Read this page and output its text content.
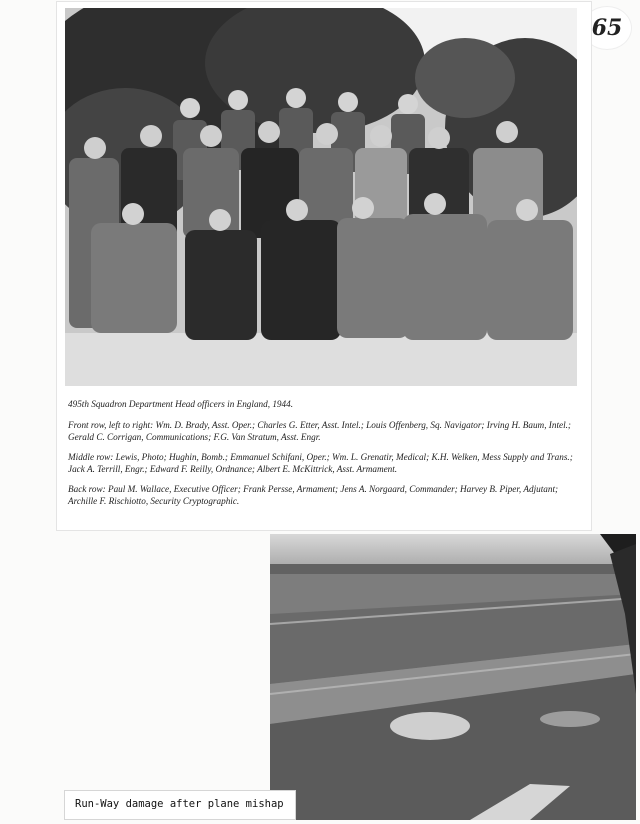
65

495th Squadron Department Head officers in England, 1944.

Front row, left to right: Wm. D. Brady, Asst. Oper.; Charles G. Etter, Asst. Intel.; Louis Offenberg, Sq. Navigator; Irving H. Baum, Intel.; Gerald C. Corrigan, Communications; F.G. Van Stratum, Asst. Engr.

Middle row: Lewis, Photo; Hughin, Bomb.; Emmanuel Schifani, Oper.; Wm. L. Grenatir, Medical; K.H. Welken, Mess Supply and Trans.; Jack A. Terrill, Engr.; Edward F. Reilly, Ordnance; Albert E. McKittrick, Asst. Armament.

Back row: Paul M. Wallace, Executive Officer; Frank Persse, Armament; Jens A. Norgaard, Commander; Harvey B. Piper, Adjutant; Archille F. Rischiotto, Security Cryptographic.

Run-Way damage after plane mishap
